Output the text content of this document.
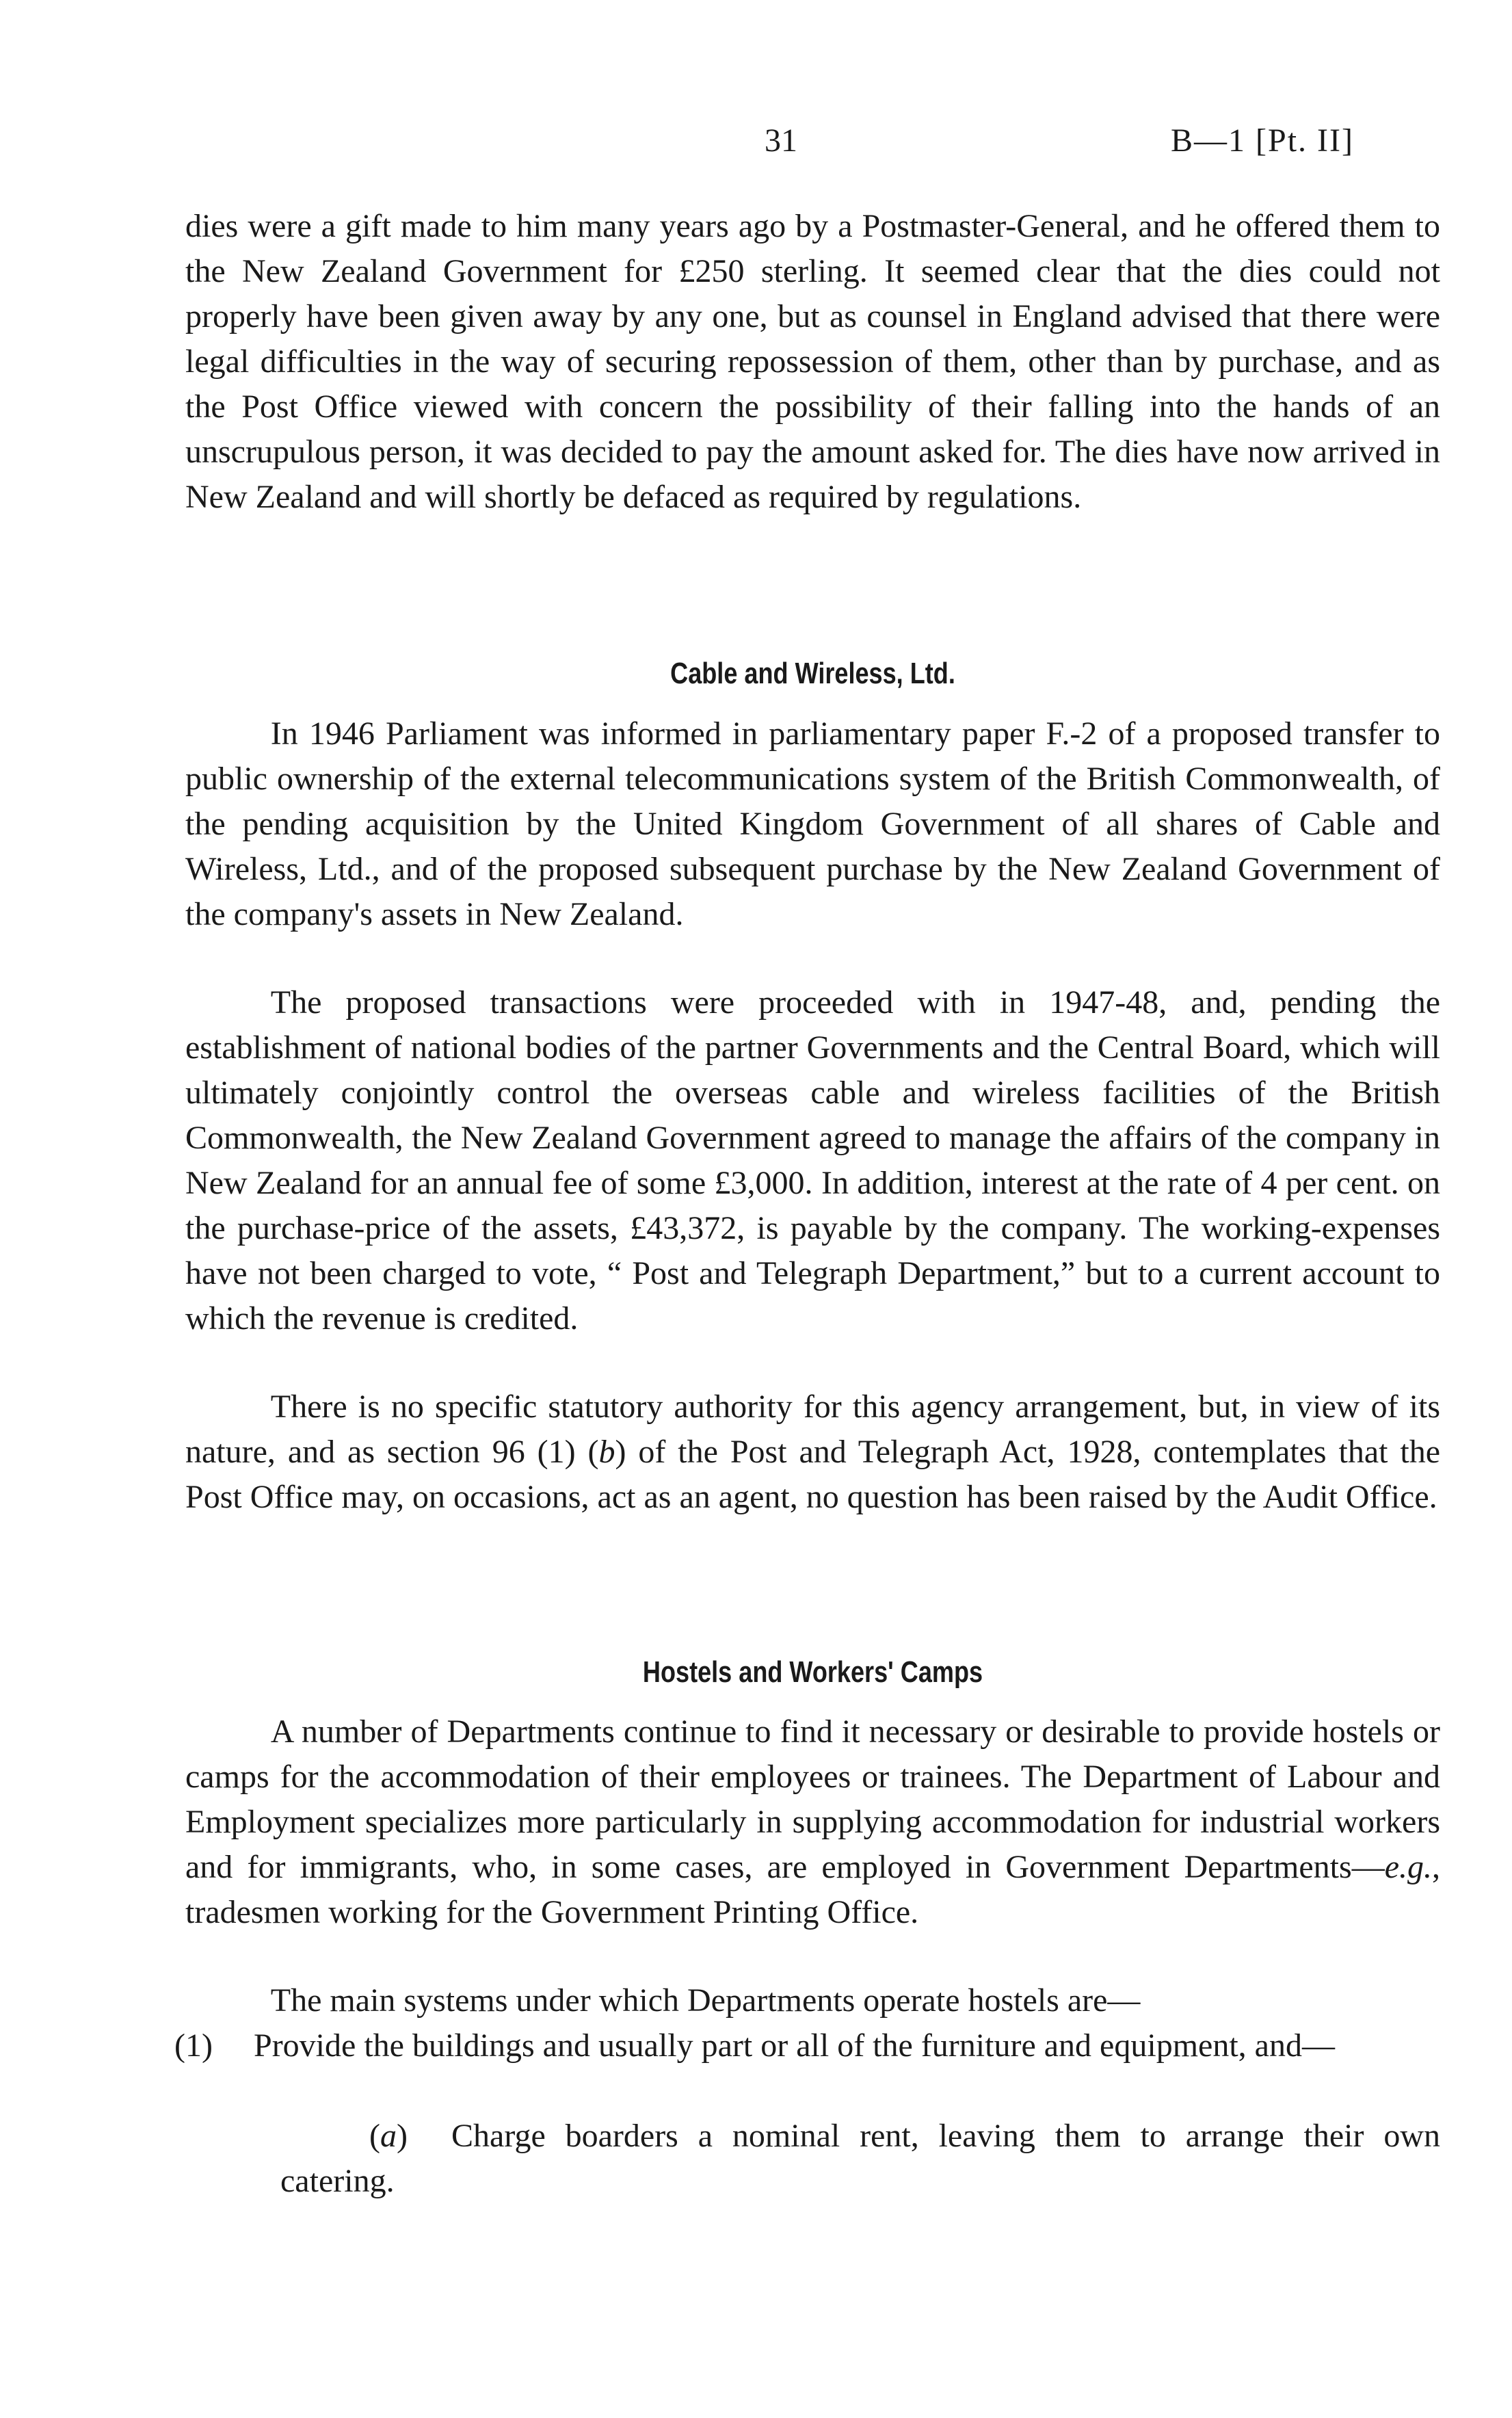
31	B—1 [Pt. II]

dies were a gift made to him many years ago by a Postmaster-General, and he offered them to the New Zealand Government for £250 sterling. It seemed clear that the dies could not properly have been given away by any one, but as counsel in England advised that there were legal difficulties in the way of securing repossession of them, other than by purchase, and as the Post Office viewed with concern the possibility of their falling into the hands of an unscrupulous person, it was decided to pay the amount asked for. The dies have now arrived in New Zealand and will shortly be defaced as required by regulations.

Cable and Wireless, Ltd.

In 1946 Parliament was informed in parliamentary paper F.-2 of a proposed transfer to public ownership of the external telecommunications system of the British Commonwealth, of the pending acquisition by the United Kingdom Government of all shares of Cable and Wireless, Ltd., and of the proposed subsequent purchase by the New Zealand Government of the company's assets in New Zealand.

The proposed transactions were proceeded with in 1947-48, and, pending the establishment of national bodies of the partner Governments and the Central Board, which will ultimately conjointly control the overseas cable and wireless facilities of the British Commonwealth, the New Zealand Government agreed to manage the affairs of the company in New Zealand for an annual fee of some £3,000. In addition, interest at the rate of 4 per cent. on the purchase-price of the assets, £43,372, is payable by the company. The working-expenses have not been charged to vote, “ Post and Telegraph Department,” but to a current account to which the revenue is credited.

There is no specific statutory authority for this agency arrangement, but, in view of its nature, and as section 96 (1) (b) of the Post and Telegraph Act, 1928, contemplates that the Post Office may, on occasions, act as an agent, no question has been raised by the Audit Office.

Hostels and Workers' Camps

A number of Departments continue to find it necessary or desirable to provide hostels or camps for the accommodation of their employees or trainees. The Department of Labour and Employment specializes more particularly in supplying accommodation for industrial workers and for immigrants, who, in some cases, are employed in Government Departments—e.g., tradesmen working for the Government Printing Office.

The main systems under which Departments operate hostels are—

(1) Provide the buildings and usually part or all of the furniture and equipment, and—
(a) Charge boarders a nominal rent, leaving them to arrange their own catering.
